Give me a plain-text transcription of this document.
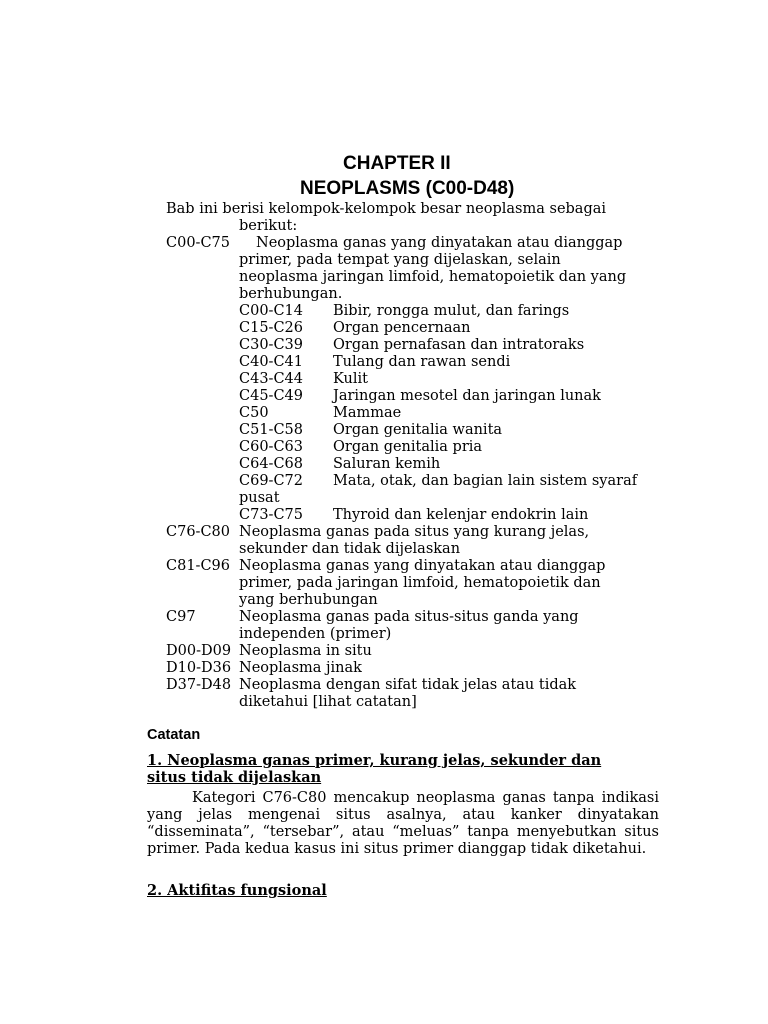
CHAPTER II
NEOPLASMS (C00-D48)
Bab ini berisi kelompok-kelompok besar neoplasma sebagai
berikut:
C00-C75 Neoplasma ganas yang dinyatakan atau dianggap
primer, pada tempat yang dijelaskan, selain
neoplasma jaringan limfoid, hematopoietik dan yang
berhubungan.
C00-C14 Bibir, rongga mulut, dan farings
C15-C26 Organ pencernaan
C30-C39 Organ pernafasan dan intratoraks
C40-C41 Tulang dan rawan sendi
C43-C44 Kulit
C45-C49 Jaringan mesotel dan jaringan lunak
C50	Mammae
C51-C58 Organ genitalia wanita
C60-C63 Organ genitalia pria
C64-C68 Saluran kemih
C69-C72	Mata, otak, dan bagian lain sistem syaraf pusat
C73-C75 Thyroid dan kelenjar endokrin lain
C76-C80 Neoplasma ganas pada situs yang kurang jelas, sekunder dan tidak dijelaskan
C81-C96 Neoplasma ganas yang dinyatakan atau dianggap primer, pada jaringan limfoid, hematopoietik dan yang berhubungan
C97	Neoplasma ganas pada situs-situs ganda yang independen (primer)
D00-D09 Neoplasma in situ
D10-D36 Neoplasma jinak
D37-D48 Neoplasma dengan sifat tidak jelas atau tidak diketahui [lihat catatan]
Catatan
1. Neoplasma ganas primer, kurang jelas, sekunder dan situs tidak dijelaskan
Kategori C76-C80 mencakup neoplasma ganas tanpa indikasi yang jelas mengenai situs asalnya, atau kanker dinyatakan “disseminata”, “tersebar”, atau “meluas” tanpa menyebutkan situs primer. Pada kedua kasus ini situs primer dianggap tidak diketahui.
2. Aktifitas fungsional
